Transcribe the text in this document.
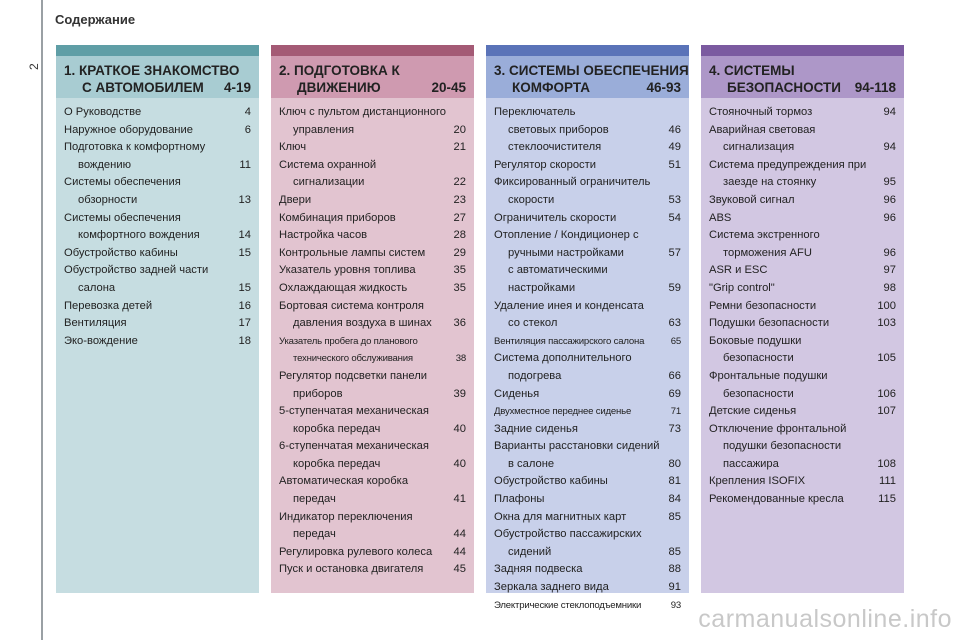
Содержание
2 1. КРАТКОЕ ЗНАКОМСТВО
С АВТОМОБИЛЕМ 4-19
О Руководстве	4
Наружное оборудование	6
Подготовка к комфортному
вождению	11
Системы обеспечения
обзорности	13
Системы обеспечения
комфортного вождения	14
Обустройство кабины	15
Обустройство задней части
салона	15
Перевозка детей	16
Вентиляция	17
Эко-вождение	18
2. ПОДГОТОВКА К
ДВИЖЕНИЮ	20-45
Ключ с пультом дистанционного
управления	20
Ключ	21
Система охранной
сигнализации	22
Двери	23
Комбинация приборов	27
Настройка часов	28
Контрольные лампы систем	29
Указатель уровня топлива	35
Охлаждающая жидкость	35
Бортовая система контроля
давления воздуха в шинах	36
Указатель пробега до планового
технического обслуживания	38
Регулятор подсветки панели
приборов	39
5-ступенчатая механическая
коробка передач	40
6-ступенчатая механическая
коробка передач	40
Автоматическая коробка
передач	41
Индикатор переключения
передач	44
Регулировка рулевого колеса	44
Пуск и остановка двигателя	45
3. СИСТЕМЫ ОБЕСПЕЧЕНИЯ
КОМФОРТА	46-93
Переключатель
световых приборов	46
стеклоочистителя	49
Регулятор скорости	51
Фиксированный ограничитель
скорости	53
Ограничитель скорости	54
Отопление / Кондиционер с
ручными настройками	57
с автоматическими
настройками	59
Удаление инея и конденсата
со стекол	63
Вентиляция пассажирского салона	65
Система дополнительного
подогрева	66
Сиденья	69
Двухместное переднее сиденье	71
Задние сиденья	73
Варианты расстановки сидений
в салоне	80
Обустройство кабины	81
Плафоны	84
Окна для магнитных карт	85
Обустройство пассажирских
сидений	85
Задняя подвеска	88
Зеркала заднего вида	91
Электрические стеклоподъемники	93
4. СИСТЕМЫ
БЕЗОПАСНОСТИ 94-118
Стояночный тормоз	94
Аварийная световая
сигнализация	94
Система предупреждения при
заезде на стоянку	95
Звуковой сигнал	96
ABS	96
Система экстренного
торможения AFU	96
ASR и ESC	97
"Grip control"	98
Ремни безопасности	100
Подушки безопасности	103
Боковые подушки
безопасности	105
Фронтальные подушки
безопасности	106
Детские сиденья	107
Отключение фронтальной
подушки безопасности
пассажира	108
Крепления ISOFIX	111
Рекомендованные кресла	115
carmanualsonline.info
